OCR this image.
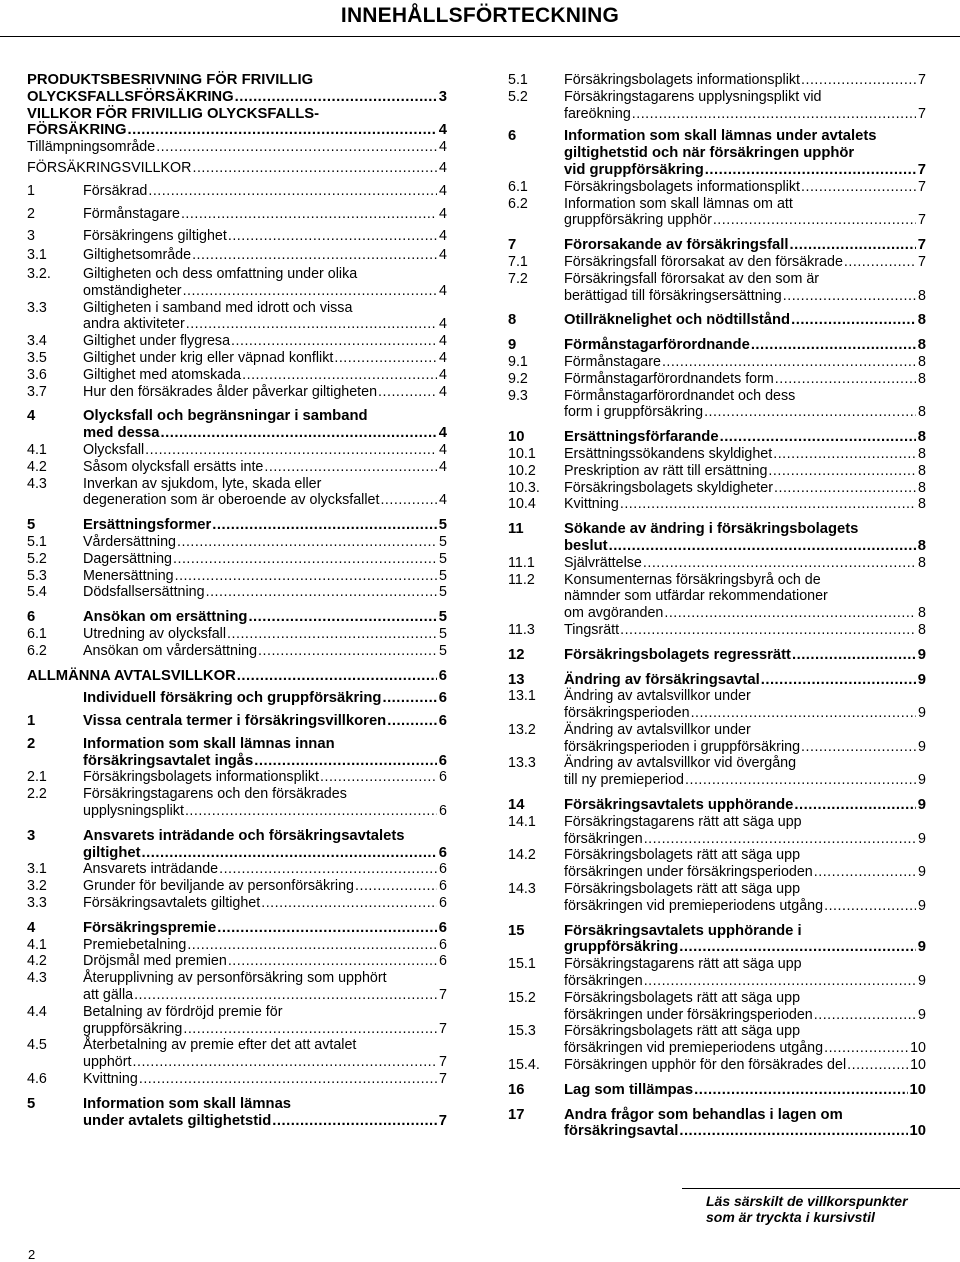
INNEHÅLLSFÖRTECKNING
PRODUKTSBESRIVNING FÖR FRIVILLIG
OLYCKSFALLSFÖRSÄKRING .....	3
VILLKOR FÖR FRIVILLIG OLYCKSFALLS-
FÖRSÄKRING .....	4
Tillämpningsområde .....	4
FÖRSÄKRINGSVILLKOR .....	4
1	Försäkrad .....	4
2	Förmånstagare .....	4
3	Försäkringens giltighet .....	4
3.1	Giltighetsområde .....	4
3.2.	Giltigheten och dess omfattning under olika
omständigheter .....	4
3.3	Giltigheten i samband med idrott och vissa
andra aktiviteter .....	4
3.4	Giltighet under flygresa .....	4
3.5	Giltighet under krig eller väpnad konflikt .....	4
3.6	Giltighet med atomskada .....	4
3.7	Hur den försäkrades ålder påverkar giltigheten .....	4
4	Olycksfall och begränsningar i samband
med dessa .....	4
4.1	Olycksfall .....	4
4.2	Såsom olycksfall ersätts inte .....	4
4.3	Inverkan av sjukdom, lyte, skada eller
degeneration som är oberoende av olycksfallet .....	4
5	Ersättningsformer .....	5
5.1	Vårdersättning .....	5
5.2	Dagersättning .....	5
5.3	Menersättning .....	5
5.4	Dödsfallsersättning .....	5
6	Ansökan om ersättning .....	5
6.1	Utredning av olycksfall .....	5
6.2	Ansökan om vårdersättning .....	5
ALLMÄNNA AVTALSVILLKOR .....	6
Individuell försäkring och gruppförsäkring .....	6
1	Vissa centrala termer i försäkringsvillkoren .....	6
2	Information som skall lämnas innan
försäkringsavtalet ingås .....	6
2.1	Försäkringsbolagets informationsplikt .....	6
2.2	Försäkringstagarens och den försäkrades
upplysningsplikt .....	6
3	Ansvarets inträdande och försäkringsavtalets
giltighet .....	6
3.1	Ansvarets inträdande .....	6
3.2	Grunder för beviljande av personförsäkring .....	6
3.3	Försäkringsavtalets giltighet .....	6
4	Försäkringspremie .....	6
4.1	Premiebetalning .....	6
4.2	Dröjsmål med premien .....	6
4.3	Återupplivning av personförsäkring som upphört
att gälla .....	7
4.4	Betalning av fördröjd premie för
gruppförsäkring .....	7
4.5	Återbetalning av premie efter det att avtalet
upphört .....	7
4.6	Kvittning .....	7
5	Information som skall lämnas
under avtalets giltighetstid .....	7
5.1	Försäkringsbolagets informationsplikt .....	7
5.2	Försäkringstagarens upplysningsplikt vid
fareökning .....	7
6	Information som skall lämnas under avtalets
giltighetstid och när försäkringen upphör
vid gruppförsäkring .....	7
6.1	Försäkringsbolagets informationsplikt .....	7
6.2	Information som skall lämnas om att
gruppförsäkring upphör .....	7
7	Förorsakande av försäkringsfall .....	7
7.1	Försäkringsfall förorsakat av den försäkrade .....	7
7.2	Försäkringsfall förorsakat av den som är
berättigad till försäkringsersättning .....	8
8	Otillräknelighet och nödtillstånd .....	8
9	Förmånstagarförordnande .....	8
9.1	Förmånstagare .....	8
9.2	Förmånstagarförordnandets form .....	8
9.3	Förmånstagarförordnandet och dess
form i gruppförsäkring .....	8
10	Ersättningsförfarande .....	8
10.1	Ersättningssökandens skyldighet .....	8
10.2	Preskription av rätt till ersättning .....	8
10.3.	Försäkringsbolagets skyldigheter .....	8
10.4	Kvittning .....	8
11	Sökande av ändring i försäkringsbolagets
beslut .....	8
11.1	Självrättelse .....	8
11.2	Konsumenternas försäkringsbyrå och de
nämnder som utfärdar rekommendationer
om avgöranden .....	8
11.3	Tingsrätt .....	8
12	Försäkringsbolagets regressrätt .....	9
13	Ändring av försäkringsavtal .....	9
13.1	Ändring av avtalsvillkor under
försäkringsperioden .....	9
13.2	Ändring av avtalsvillkor under
försäkringsperioden i gruppförsäkring .....	9
13.3	Ändring av avtalsvillkor vid övergång
till ny premieperiod .....	9
14	Försäkringsavtalets upphörande .....	9
14.1	Försäkringstagarens rätt att säga upp
försäkringen .....	9
14.2	Försäkringsbolagets rätt att säga upp
försäkringen under försäkringsperioden .....	9
14.3	Försäkringsbolagets rätt att säga upp
försäkringen vid premieperiodens utgång .....	9
15	Försäkringsavtalets upphörande i
gruppförsäkring .....	9
15.1	Försäkringstagarens rätt att säga upp
försäkringen .....	9
15.2	Försäkringsbolagets rätt att säga upp
försäkringen under försäkringsperioden .....	9
15.3	Försäkringsbolagets rätt att säga upp
försäkringen vid premieperiodens utgång .....	10
15.4.	Försäkringen upphör för den försäkrades del .....	10
16	Lag som tillämpas .....	10
17	Andra frågor som behandlas i lagen om
försäkringsavtal .....	10
Läs särskilt de villkorspunkter
som är tryckta i kursivstil
2
